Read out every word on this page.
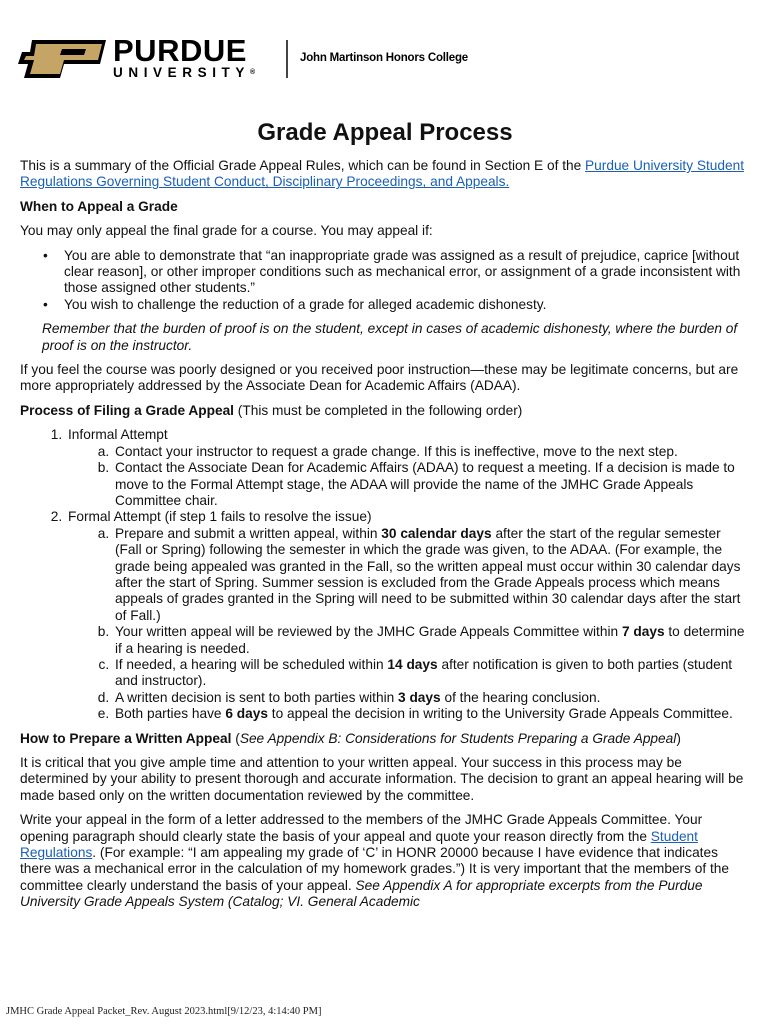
PURDUE
UNIVERSITY®
John Martinson Honors College
Grade Appeal Process

This is a summary of the Official Grade Appeal Rules, which can be found in Section E of the Purdue University Student Regulations Governing Student Conduct, Disciplinary Proceedings, and Appeals.

When to Appeal a Grade

You may only appeal the final grade for a course. You may appeal if:

• You are able to demonstrate that “an inappropriate grade was assigned as a result of prejudice, caprice [without clear reason], or other improper conditions such as mechanical error, or assignment of a grade inconsistent with those assigned other students.”
• You wish to challenge the reduction of a grade for alleged academic dishonesty.

Remember that the burden of proof is on the student, except in cases of academic dishonesty, where the burden of proof is on the instructor.

If you feel the course was poorly designed or you received poor instruction—these may be legitimate concerns, but are more appropriately addressed by the Associate Dean for Academic Affairs (ADAA).

Process of Filing a Grade Appeal (This must be completed in the following order)

1. Informal Attempt
a. Contact your instructor to request a grade change. If this is ineffective, move to the next step.
b. Contact the Associate Dean for Academic Affairs (ADAA) to request a meeting. If a decision is made to move to the Formal Attempt stage, the ADAA will provide the name of the JMHC Grade Appeals Committee chair.
2. Formal Attempt (if step 1 fails to resolve the issue)
a. Prepare and submit a written appeal, within 30 calendar days after the start of the regular semester (Fall or Spring) following the semester in which the grade was given, to the ADAA. (For example, the grade being appealed was granted in the Fall, so the written appeal must occur within 30 calendar days after the start of Spring. Summer session is excluded from the Grade Appeals process which means appeals of grades granted in the Spring will need to be submitted within 30 calendar days after the start of Fall.)
b. Your written appeal will be reviewed by the JMHC Grade Appeals Committee within 7 days to determine if a hearing is needed.
c. If needed, a hearing will be scheduled within 14 days after notification is given to both parties (student and instructor).
d. A written decision is sent to both parties within 3 days of the hearing conclusion.
e. Both parties have 6 days to appeal the decision in writing to the University Grade Appeals Committee.

How to Prepare a Written Appeal (See Appendix B: Considerations for Students Preparing a Grade Appeal)

It is critical that you give ample time and attention to your written appeal. Your success in this process may be determined by your ability to present thorough and accurate information. The decision to grant an appeal hearing will be made based only on the written documentation reviewed by the committee.

Write your appeal in the form of a letter addressed to the members of the JMHC Grade Appeals Committee. Your opening paragraph should clearly state the basis of your appeal and quote your reason directly from the Student Regulations. (For example: “I am appealing my grade of ‘C’ in HONR 20000 because I have evidence that indicates there was a mechanical error in the calculation of my homework grades.”) It is very important that the members of the committee clearly understand the basis of your appeal. See Appendix A for appropriate excerpts from the Purdue University Grade Appeals System (Catalog; VI. General Academic

JMHC Grade Appeal Packet_Rev. August 2023.html[9/12/23, 4:14:40 PM]
